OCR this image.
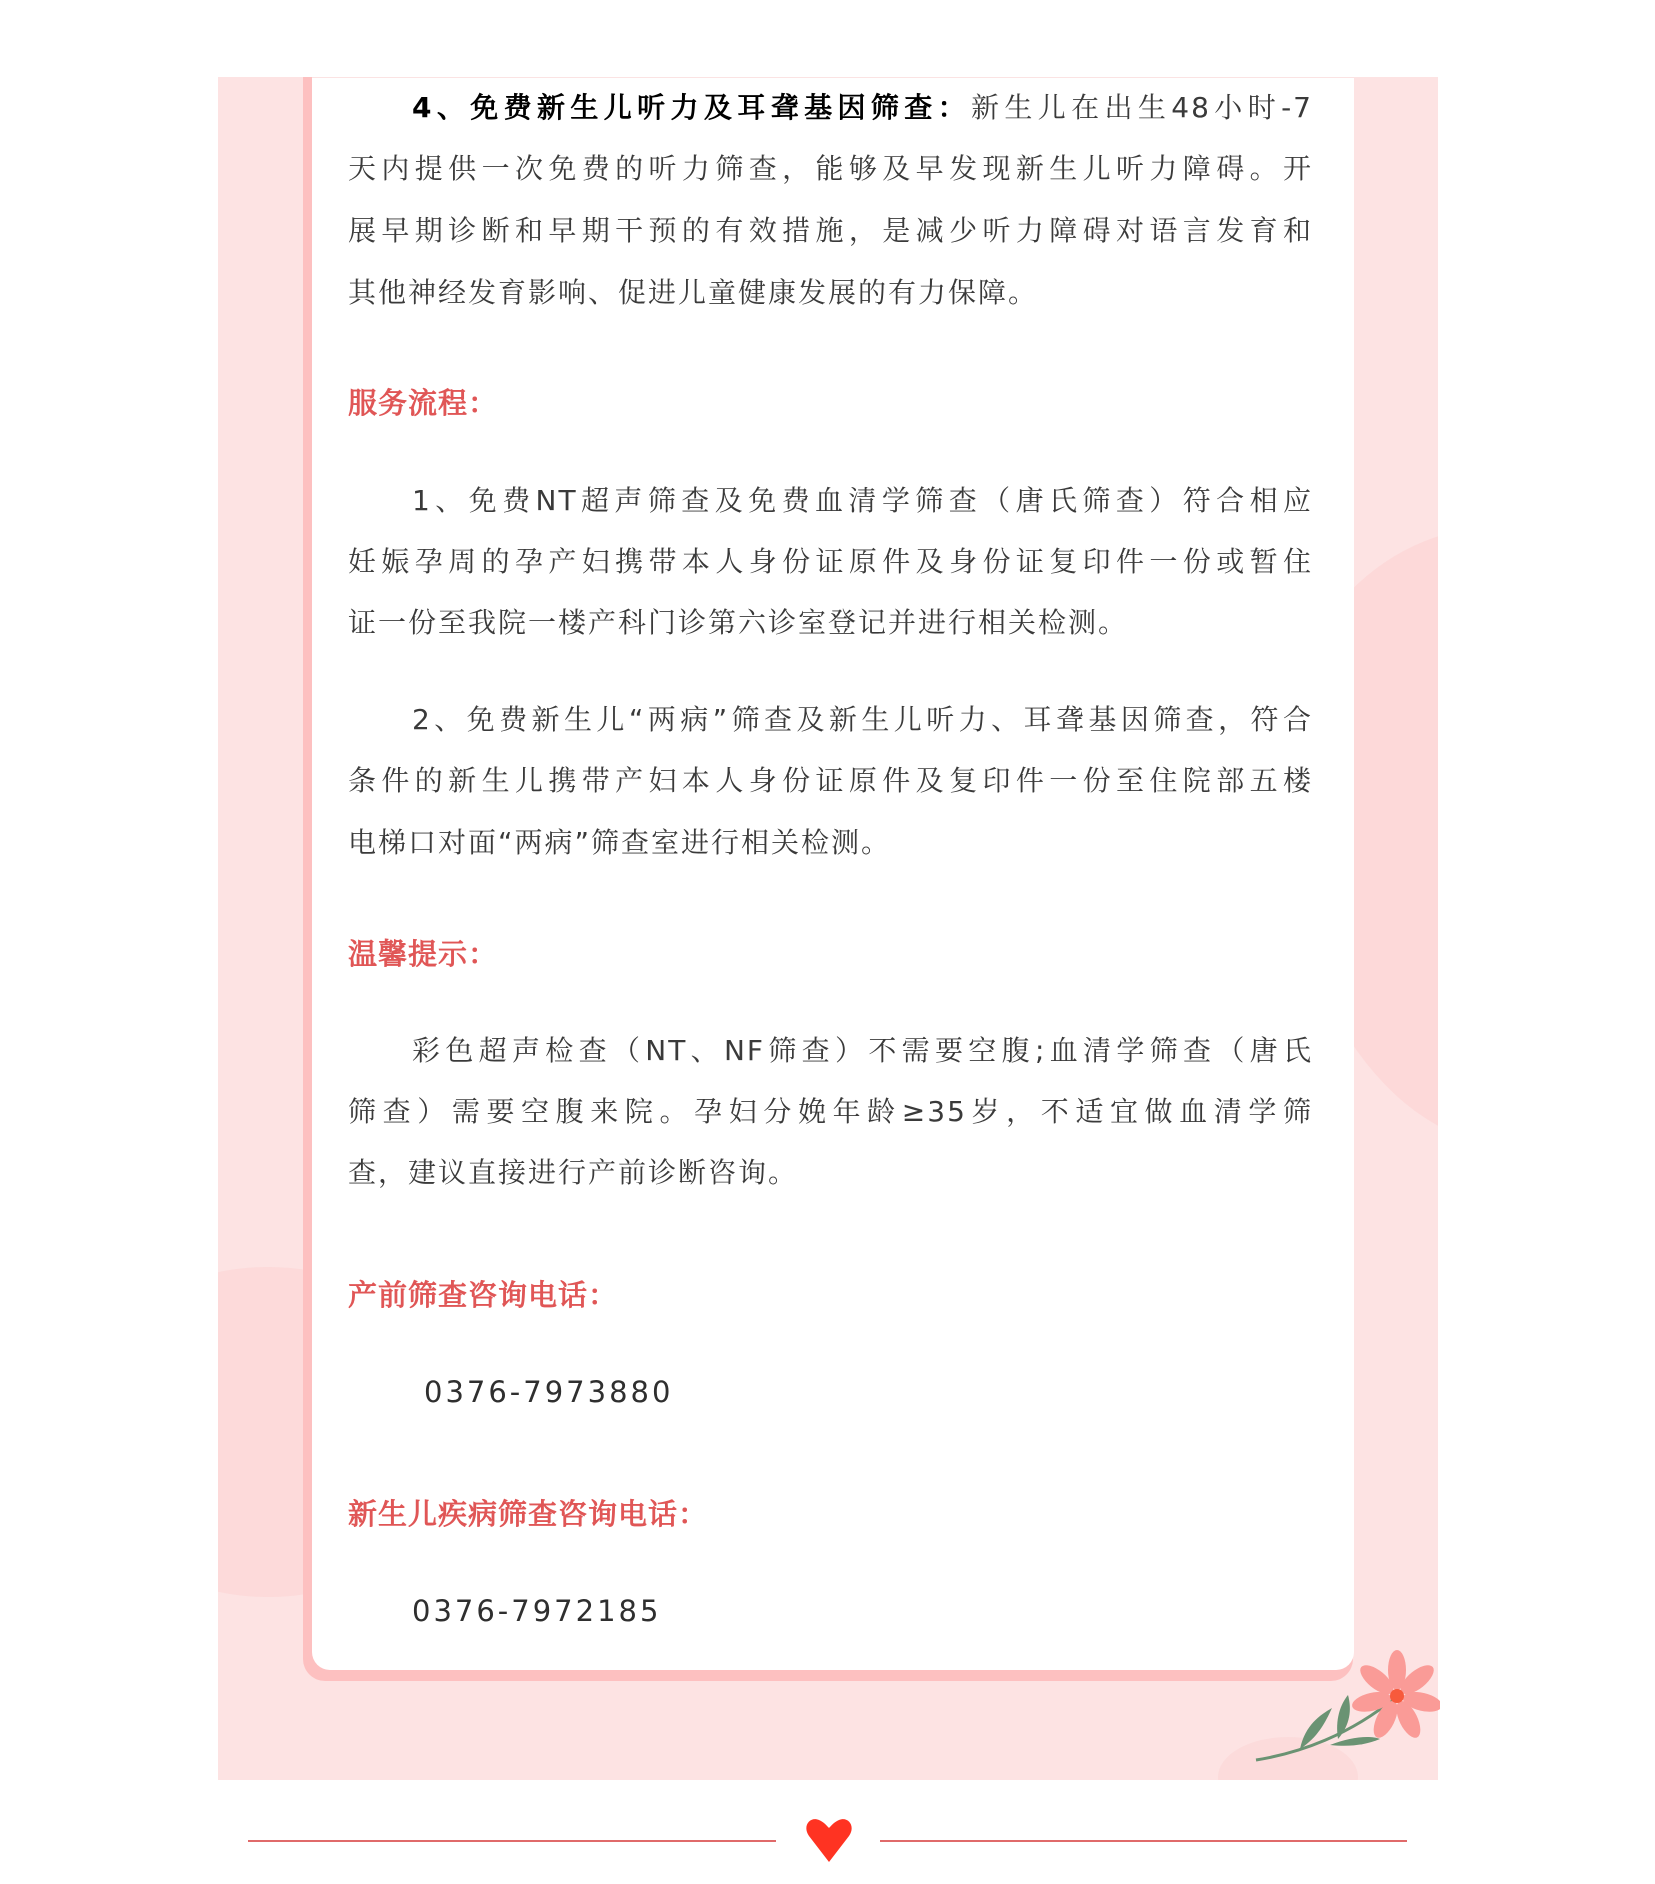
4、免费新生儿听力及耳聋基因筛查：新生儿在出生48小时-7
天内提供一次免费的听力筛查，能够及早发现新生儿听力障碍。开
展早期诊断和早期干预的有效措施，是减少听力障碍对语言发育和
其他神经发育影响、促进儿童健康发展的有力保障。
服务流程：
1、免费NT超声筛查及免费血清学筛查（唐氏筛查）符合相应
妊娠孕周的孕产妇携带本人身份证原件及身份证复印件一份或暂住
证一份至我院一楼产科门诊第六诊室登记并进行相关检测。
2、免费新生儿“两病”筛查及新生儿听力、耳聋基因筛查，符合
条件的新生儿携带产妇本人身份证原件及复印件一份至住院部五楼
电梯口对面“两病”筛查室进行相关检测。
温馨提示：
彩色超声检查（NT、NF筛查）不需要空腹;血清学筛查（唐氏
筛查）需要空腹来院。孕妇分娩年龄≥35岁，不适宜做血清学筛
查，建议直接进行产前诊断咨询。
产前筛查咨询电话：
0376-7973880
新生儿疾病筛查咨询电话：
0376-7972185
